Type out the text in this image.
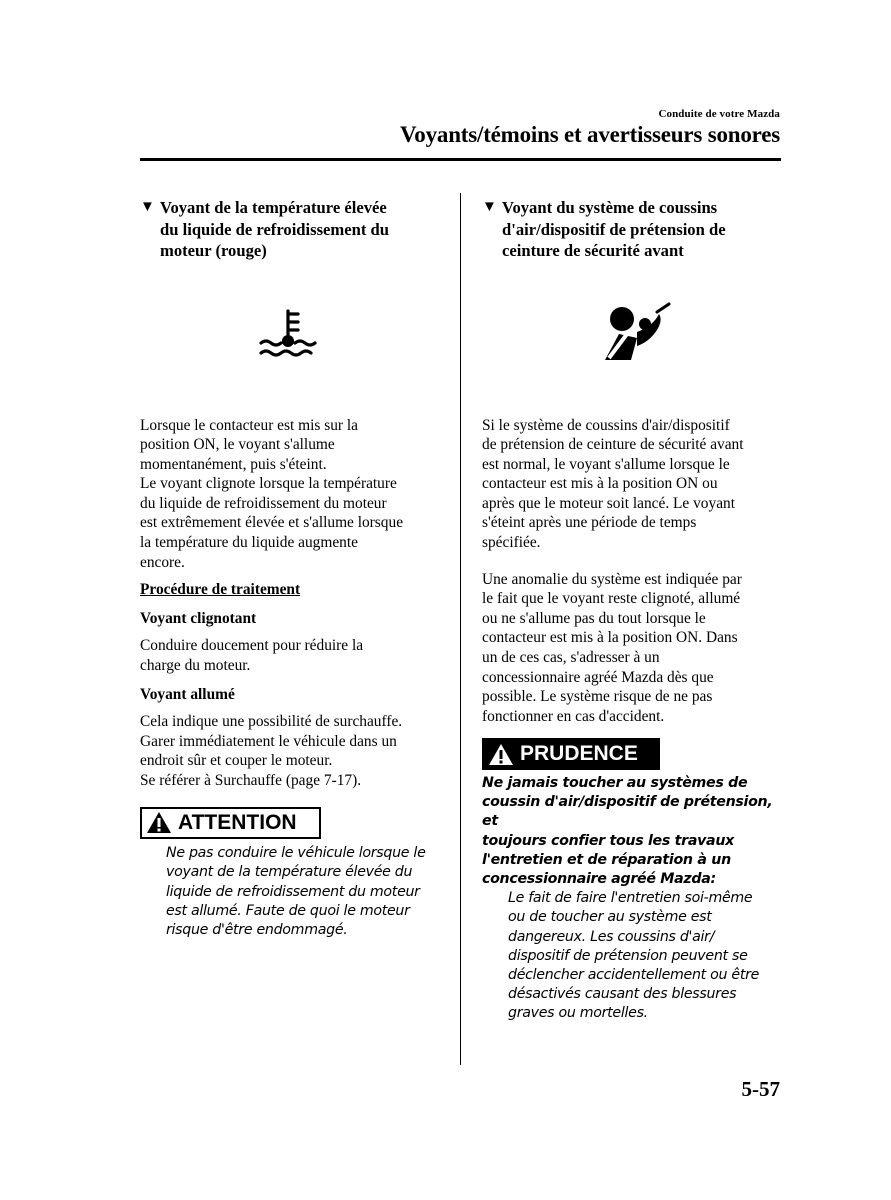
Conduite de votre Mazda
Voyants/témoins et avertisseurs sonores
▼ Voyant de la température élevée
du liquide de refroidissement du
moteur (rouge)

Lorsque le contacteur est mis sur la
position ON, le voyant s'allume
momentanément, puis s'éteint.
Le voyant clignote lorsque la température
du liquide de refroidissement du moteur
est extrêmement élevée et s'allume lorsque
la température du liquide augmente
encore.

Procédure de traitement

Voyant clignotant

Conduire doucement pour réduire la
charge du moteur.

Voyant allumé

Cela indique une possibilité de surchauffe.
Garer immédiatement le véhicule dans un
endroit sûr et couper le moteur.
Se référer à Surchauffe (page 7-17).

ATTENTION
Ne pas conduire le véhicule lorsque le
voyant de la température élevée du
liquide de refroidissement du moteur
est allumé. Faute de quoi le moteur
risque d'être endommagé.
▼ Voyant du système de coussins
d'air/dispositif de prétension de
ceinture de sécurité avant

Si le système de coussins d'air/dispositif
de prétension de ceinture de sécurité avant
est normal, le voyant s'allume lorsque le
contacteur est mis à la position ON ou
après que le moteur soit lancé. Le voyant
s'éteint après une période de temps
spécifiée.

Une anomalie du système est indiquée par
le fait que le voyant reste clignoté, allumé
ou ne s'allume pas du tout lorsque le
contacteur est mis à la position ON. Dans
un de ces cas, s'adresser à un
concessionnaire agréé Mazda dès que
possible. Le système risque de ne pas
fonctionner en cas d'accident.

PRUDENCE
Ne jamais toucher au systèmes de
coussin d'air/dispositif de prétension, et
toujours confier tous les travaux
l'entretien et de réparation à un
concessionnaire agréé Mazda:
Le fait de faire l'entretien soi-même
ou de toucher au système est
dangereux. Les coussins d'air/
dispositif de prétension peuvent se
déclencher accidentellement ou être
désactivés causant des blessures
graves ou mortelles.
5-57
